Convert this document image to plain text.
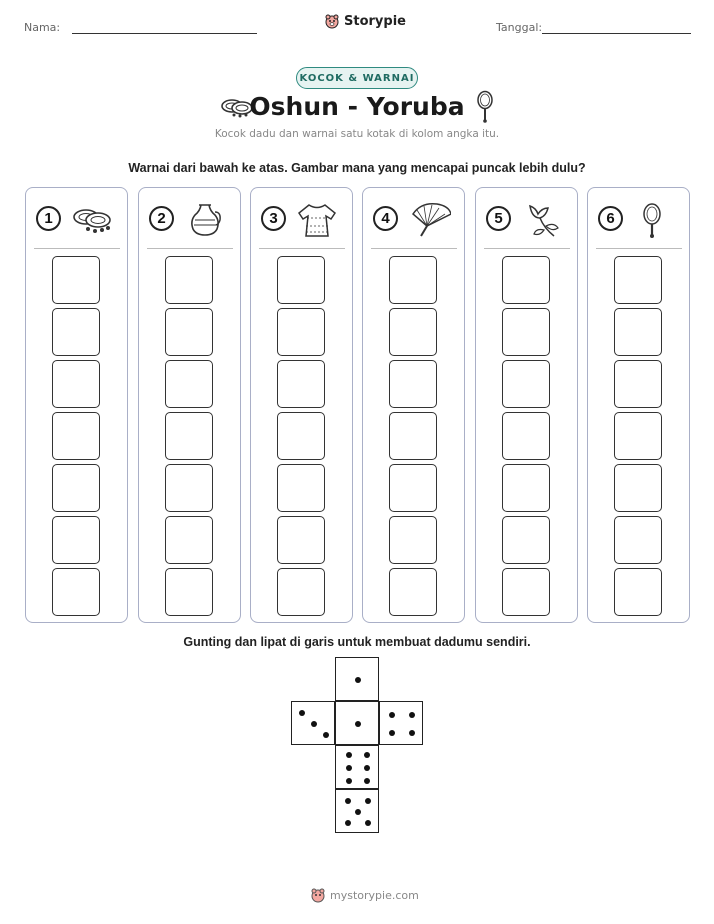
Nama:	Storypie	Tanggal:
KOCOK & WARNAI
Oshun - Yoruba
Kocok dadu dan warnai satu kotak di kolom angka itu.
Warnai dari bawah ke atas. Gambar mana yang mencapai puncak lebih dulu?
1	2	3	4	5	6
Gunting dan lipat di garis untuk membuat dadumu sendiri.
mystorypie.com
